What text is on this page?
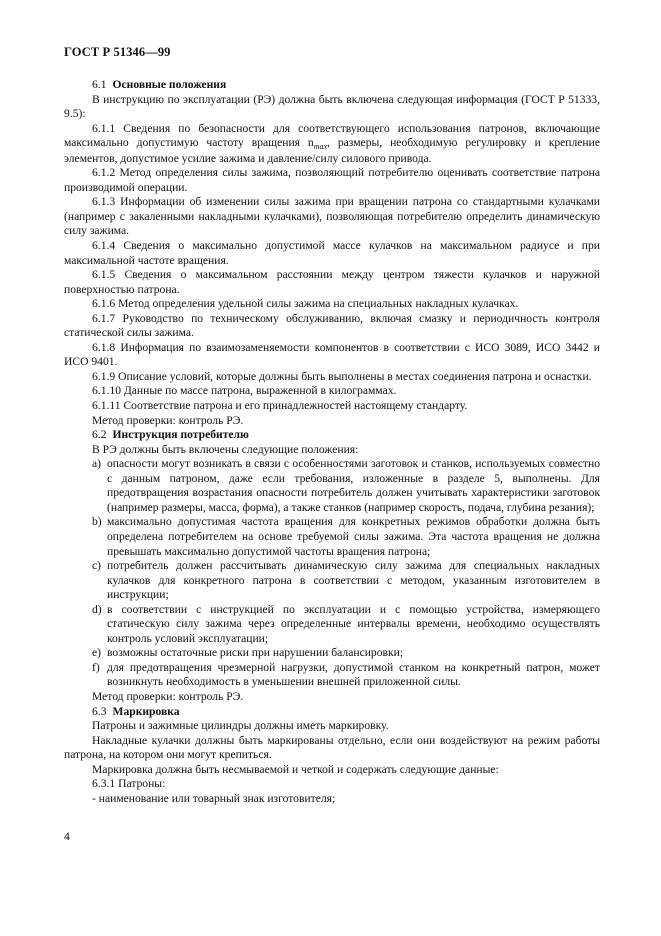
ГОСТ Р 51346—99

6.1 Основные положения

В инструкцию по эксплуатации (РЭ) должна быть включена следующая информация (ГОСТ Р 51333, 9.5):

6.1.1 Сведения по безопасности для соответствующего использования патронов, включающие максимально допустимую частоту вращения $n_{max}$, размеры, необходимую регулировку и крепление элементов, допустимое усилие зажима и давление/силу силового привода.

6.1.2 Метод определения силы зажима, позволяющий потребителю оценивать соответствие патрона производимой операции.

6.1.3 Информации об изменении силы зажима при вращении патрона со стандартными кулачками (например с закаленными накладными кулачками), позволяющая потребителю определить динамическую силу зажима.

6.1.4 Сведения о максимально допустимой массе кулачков на максимальном радиусе и при максимальной частоте вращения.

6.1.5 Сведения о максимальном расстоянии между центром тяжести кулачков и наружной поверхностью патрона.

6.1.6 Метод определения удельной силы зажима на специальных накладных кулачках.

6.1.7 Руководство по техническому обслуживанию, включая смазку и периодичность контроля статической силы зажима.

6.1.8 Информация по взаимозаменяемости компонентов в соответствии с ИСО 3089, ИСО 3442 и ИСО 9401.

6.1.9 Описание условий, которые должны быть выполнены в местах соединения патрона и оснастки.

6.1.10 Данные по массе патрона, выраженной в килограммах.

6.1.11 Соответствие патрона и его принадлежностей настоящему стандарту.

Метод проверки: контроль РЭ.

6.2 Инструкция потребителю

В РЭ должны быть включены следующие положения:

a) опасности могут возникать в связи с особенностями заготовок и станков, используемых совместно с данным патроном, даже если требования, изложенные в разделе 5, выполнены. Для предотвращения возрастания опасности потребитель должен учитывать характеристики заготовок (например размеры, масса, форма), а также станков (например скорость, подача, глубина резания);
b) максимально допустимая частота вращения для конкретных режимов обработки должна быть определена потребителем на основе требуемой силы зажима. Эта частота вращения не должна превышать максимально допустимой частоты вращения патрона;
c) потребитель должен рассчитывать динамическую силу зажима для специальных накладных кулачков для конкретного патрона в соответствии с методом, указанным изготовителем в инструкции;
d) в соответствии с инструкцией по эксплуатации и с помощью устройства, измеряющего статическую силу зажима через определенные интервалы времени, необходимо осуществлять контроль условий эксплуатации;
e) возможны остаточные риски при нарушении балансировки;
f) для предотвращения чрезмерной нагрузки, допустимой станком на конкретный патрон, может возникнуть необходимость в уменьшении внешней приложенной силы.

Метод проверки: контроль РЭ.

6.3 Маркировка

Патроны и зажимные цилиндры должны иметь маркировку.

Накладные кулачки должны быть маркированы отдельно, если они воздействуют на режим работы патрона, на котором они могут крепиться.

Маркировка должна быть несмываемой и четкой и содержать следующие данные:

6.3.1 Патроны:

- наименование или товарный знак изготовителя;

4
